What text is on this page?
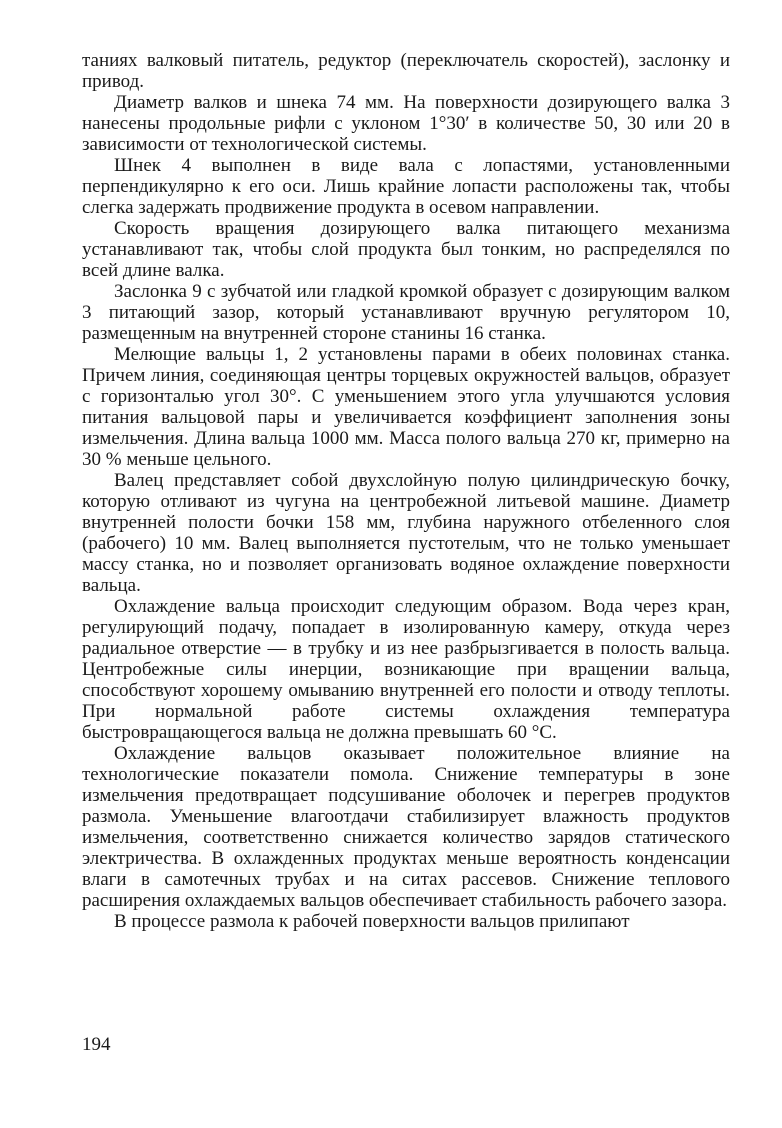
таниях валковый питатель, редуктор (переключатель скоростей), заслонку и привод.

Диаметр валков и шнека 74 мм. На поверхности дозирующего валка 3 нанесены продольные рифли с уклоном 1°30′ в количестве 50, 30 или 20 в зависимости от технологической системы.

Шнек 4 выполнен в виде вала с лопастями, установленными перпендикулярно к его оси. Лишь крайние лопасти расположены так, чтобы слегка задержать продвижение продукта в осевом направлении.

Скорость вращения дозирующего валка питающего механизма устанавливают так, чтобы слой продукта был тонким, но распределялся по всей длине валка.

Заслонка 9 с зубчатой или гладкой кромкой образует с дозирующим валком 3 питающий зазор, который устанавливают вручную регулятором 10, размещенным на внутренней стороне станины 16 станка.

Мелющие вальцы 1, 2 установлены парами в обеих половинах станка. Причем линия, соединяющая центры торцевых окружностей вальцов, образует с горизонталью угол 30°. С уменьшением этого угла улучшаются условия питания вальцовой пары и увеличивается коэффициент заполнения зоны измельчения. Длина вальца 1000 мм. Масса полого вальца 270 кг, примерно на 30 % меньше цельного.

Валец представляет собой двухслойную полую цилиндрическую бочку, которую отливают из чугуна на центробежной литьевой машине. Диаметр внутренней полости бочки 158 мм, глубина наружного отбеленного слоя (рабочего) 10 мм. Валец выполняется пустотелым, что не только уменьшает массу станка, но и позволяет организовать водяное охлаждение поверхности вальца.

Охлаждение вальца происходит следующим образом. Вода через кран, регулирующий подачу, попадает в изолированную камеру, откуда через радиальное отверстие — в трубку и из нее разбрызгивается в полость вальца. Центробежные силы инерции, возникающие при вращении вальца, способствуют хорошему омыванию внутренней его полости и отводу теплоты. При нормальной работе системы охлаждения температура быстровращающегося вальца не должна превышать 60 °С.

Охлаждение вальцов оказывает положительное влияние на технологические показатели помола. Снижение температуры в зоне измельчения предотвращает подсушивание оболочек и перегрев продуктов размола. Уменьшение влагоотдачи стабилизирует влажность продуктов измельчения, соответственно снижается количество зарядов статического электричества. В охлажденных продуктах меньше вероятность конденсации влаги в самотечных трубах и на ситах рассевов. Снижение теплового расширения охлаждаемых вальцов обеспечивает стабильность рабочего зазора.

В процессе размола к рабочей поверхности вальцов прилипают

194
